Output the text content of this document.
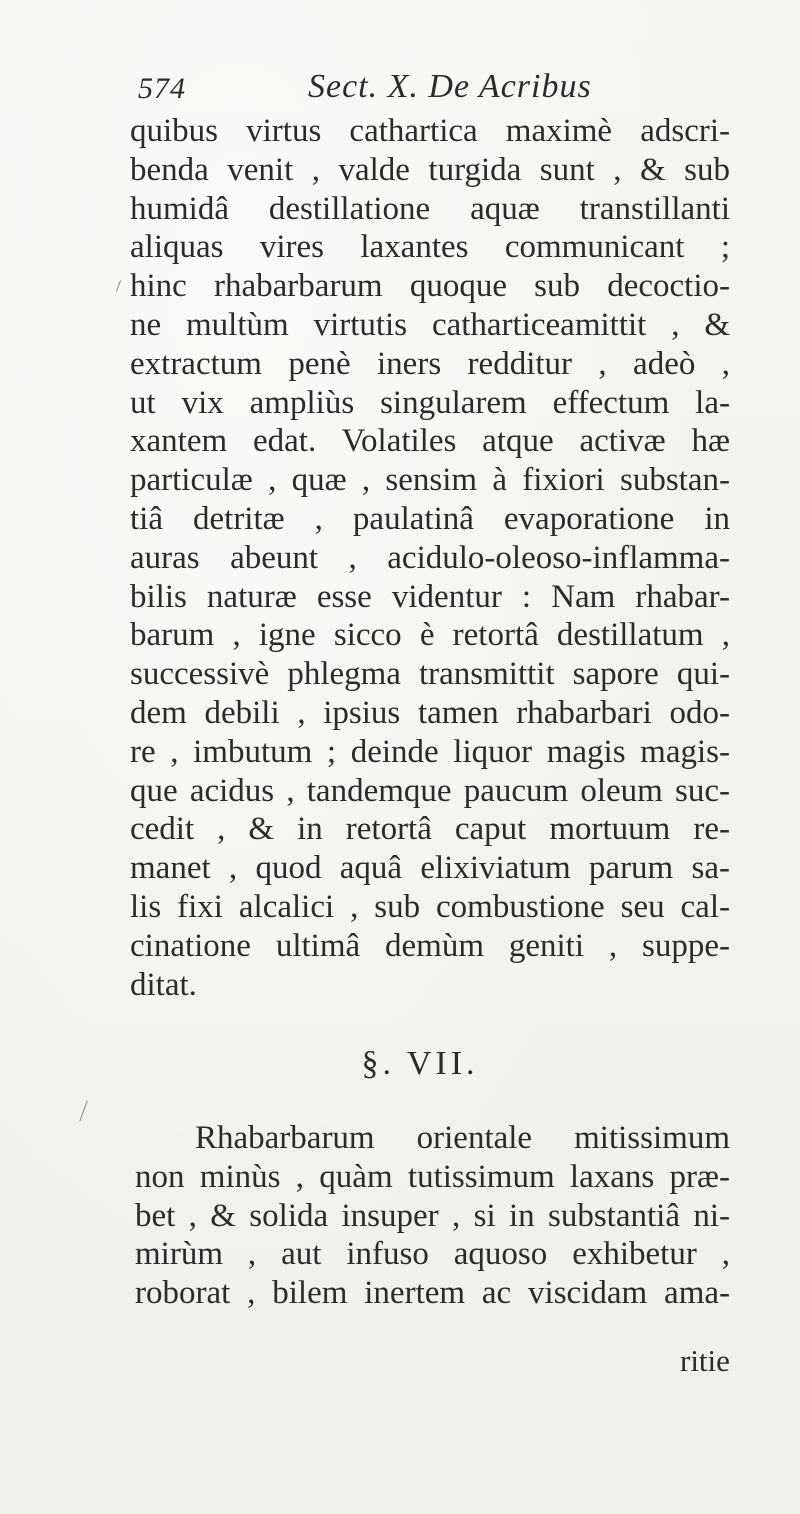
574	Sect. X. De Acribus
quibus virtus cathartica maximè adscri-
benda venit , valde turgida sunt , & sub
humidâ destillatione aquæ transtillanti
aliquas vires laxantes communicant ;
hinc rhabarbarum quoque sub decoctio-
ne multùm virtutis catharticeamittit , &
extractum penè iners redditur , adeò ,
ut vix ampliùs singularem effectum la-
xantem edat. Volatiles atque activæ hæ
particulæ , quæ , sensim à fixiori substan-
tiâ detritæ , paulatinâ evaporatione in
auras abeunt , acidulo-oleoso-inflamma-
bilis naturæ esse videntur : Nam rhabar-
barum , igne sicco è retortâ destillatum ,
successivè phlegma transmittit sapore qui-
dem debili , ipsius tamen rhabarbari odo-
re , imbutum ; deinde liquor magis magis-
que acidus , tandemque paucum oleum suc-
cedit , & in retortâ caput mortuum re-
manet , quod aquâ elixiviatum parum sa-
lis fixi alcalici , sub combustione seu cal-
cinatione ultimâ demùm geniti , suppe-
ditat.
§. VII.
Rhabarbarum orientale mitissimum
non minùs , quàm tutissimum laxans præ-
bet , & solida insuper , si in substantiâ ni-
mirùm , aut infuso aquoso exhibetur ,
roborat , bilem inertem ac viscidam ama-
ritie
